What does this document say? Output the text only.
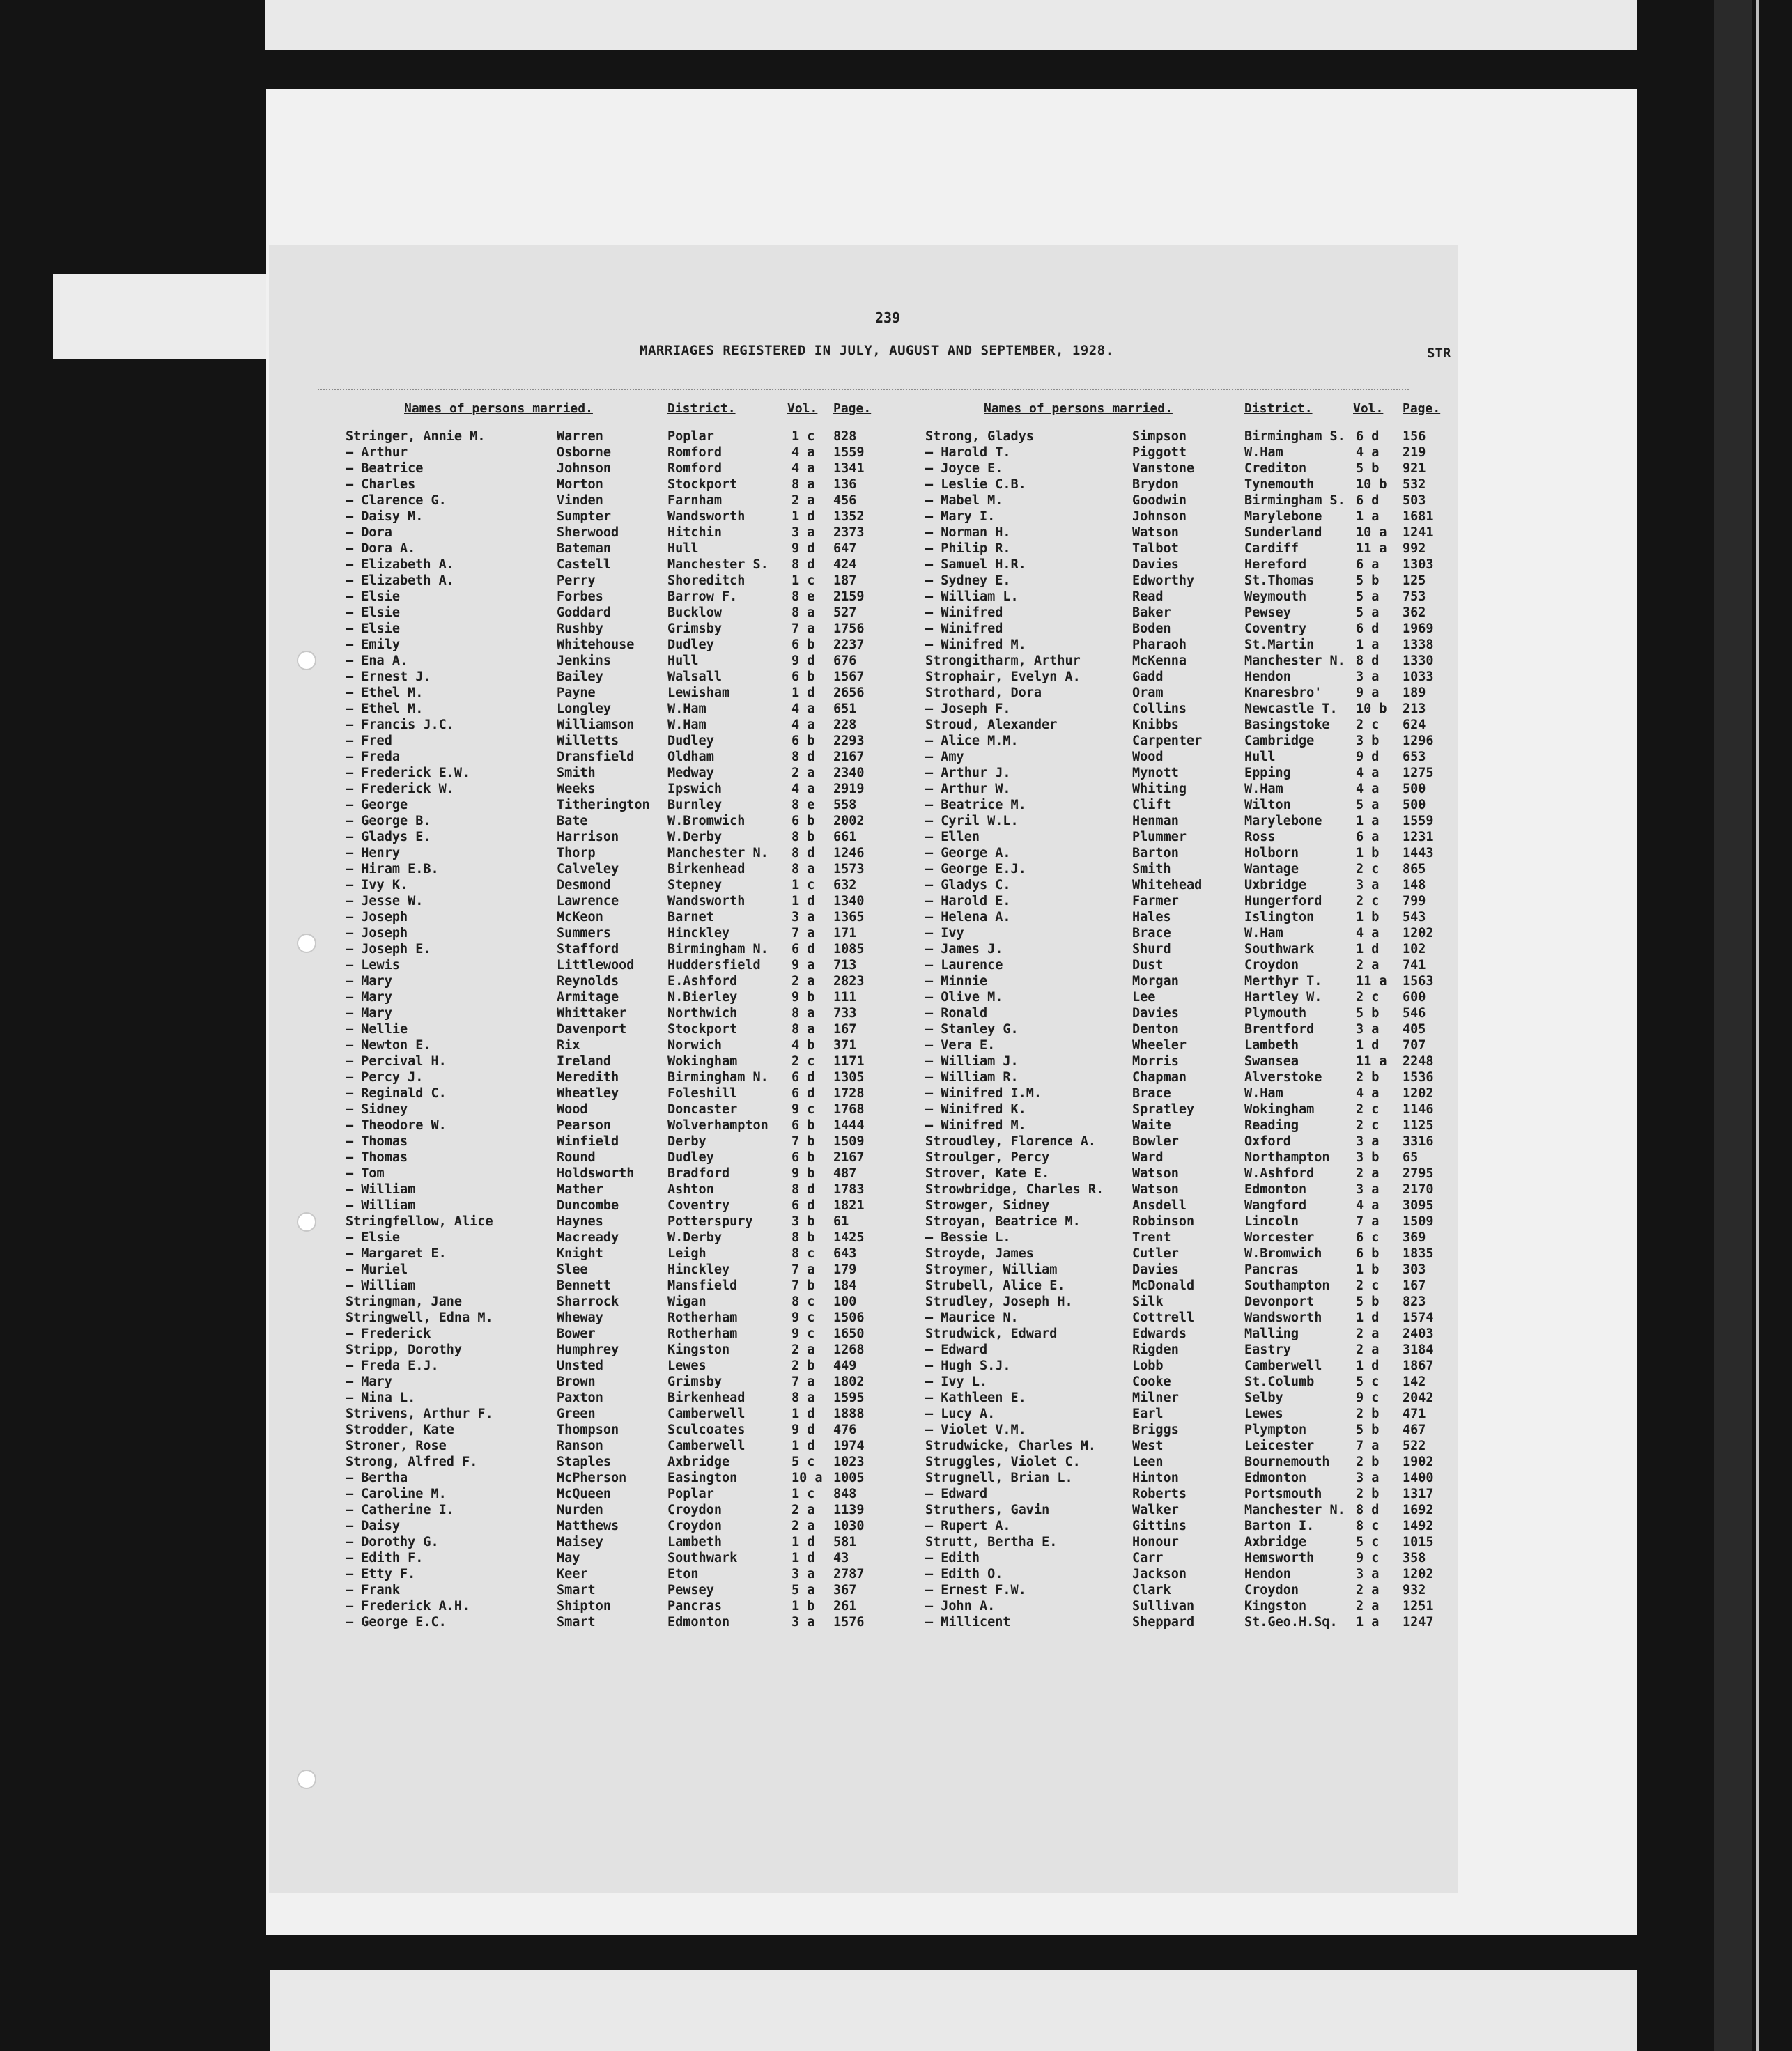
239
MARRIAGES REGISTERED IN JULY, AUGUST AND SEPTEMBER, 1928.	STR
Names of persons married.	District.	Vol. Page.
Stringer, Annie M.	Warren	Poplar	1 c 828
— Arthur	Osborne	Romford	4 a 1559
— Beatrice	Johnson	Romford	4 a 1341
— Charles	Morton	Stockport	8 a 136
— Clarence G.	Vinden	Farnham	2 a 456
— Daisy M.	Sumpter	Wandsworth	1 d 1352
— Dora	Sherwood	Hitchin	3 a 2373
— Dora A.	Bateman	Hull	9 d 647
— Elizabeth A.	Castell	Manchester S. 8 d 424
— Elizabeth A.	Perry	Shoreditch	1 c 187
— Elsie	Forbes	Barrow F.	8 e 2159
— Elsie	Goddard	Bucklow	8 a 527
— Elsie	Rushby	Grimsby	7 a 1756
— Emily	Whitehouse	Dudley	6 b 2237
— Ena A.	Jenkins	Hull	9 d 676
— Ernest J.	Bailey	Walsall	6 b 1567
— Ethel M.	Payne	Lewisham	1 d 2656
— Ethel M.	Longley	W.Ham	4 a 651
— Francis J.C.	Williamson	W.Ham	4 a 228
— Fred	Willetts	Dudley	6 b 2293
— Freda	Dransfield	Oldham	8 d 2167
— Frederick E.W.	Smith	Medway	2 a 2340
— Frederick W.	Weeks	Ipswich	4 a 2919
— George	Titherington Burnley	8 e 558
— George B.	Bate	W.Bromwich	6 b 2002
— Gladys E.	Harrison	W.Derby	8 b 661
— Henry	Thorp	Manchester N. 8 d 1246
— Hiram E.B.	Calveley	Birkenhead	8 a 1573
— Ivy K.	Desmond	Stepney	1 c 632
— Jesse W.	Lawrence	Wandsworth	1 d 1340
— Joseph	McKeon	Barnet	3 a 1365
— Joseph	Summers	Hinckley	7 a 171
— Joseph E.	Stafford	Birmingham N. 6 d 1085
— Lewis	Littlewood	Huddersfield 9 a 713
— Mary	Reynolds	E.Ashford	2 a 2823
— Mary	Armitage	N.Bierley	9 b 111
— Mary	Whittaker	Northwich	8 a 733
— Nellie	Davenport	Stockport	8 a 167
— Newton E.	Rix	Norwich	4 b 371
— Percival H.	Ireland	Wokingham	2 c 1171
— Percy J.	Meredith	Birmingham N. 6 d 1305
— Reginald C.	Wheatley	Foleshill	6 d 1728
— Sidney	Wood	Doncaster	9 c 1768
— Theodore W.	Pearson	Wolverhampton 6 b 1444
— Thomas	Winfield	Derby	7 b 1509
— Thomas	Round	Dudley	6 b 2167
— Tom	Holdsworth	Bradford	9 b 487
— William	Mather	Ashton	8 d 1783
— William	Duncombe	Coventry	6 d 1821
Stringfellow, Alice	Haynes	Potterspury	3 b 61
— Elsie	Macready	W.Derby	8 b 1425
— Margaret E.	Knight	Leigh	8 c 643
— Muriel	Slee	Hinckley	7 a 179
— William	Bennett	Mansfield	7 b 184
Stringman, Jane	Sharrock	Wigan	8 c 100
Stringwell, Edna M.	Wheway	Rotherham	9 c 1506
— Frederick	Bower	Rotherham	9 c 1650
Stripp, Dorothy	Humphrey	Kingston	2 a 1268
— Freda E.J.	Unsted	Lewes	2 b 449
— Mary	Brown	Grimsby	7 a 1802
— Nina L.	Paxton	Birkenhead	8 a 1595
Strivens, Arthur F.	Green	Camberwell	1 d 1888
Strodder, Kate	Thompson	Sculcoates	9 d 476
Stroner, Rose	Ranson	Camberwell	1 d 1974
Strong, Alfred F.	Staples	Axbridge	5 c 1023
— Bertha	McPherson	Easington	10 a 1005
— Caroline M.	McQueen	Poplar	1 c 848
— Catherine I.	Nurden	Croydon	2 a 1139
— Daisy	Matthews	Croydon	2 a 1030
— Dorothy G.	Maisey	Lambeth	1 d 581
— Edith F.	May	Southwark	1 d 43
— Etty F.	Keer	Eton	3 a 2787
— Frank	Smart	Pewsey	5 a 367
— Frederick A.H.	Shipton	Pancras	1 b 261
— George E.C.	Smart	Edmonton	3 a 1576
Names of persons married.	District.	Vol. Page.
Strong, Gladys	Simpson	Birmingham S. 6 d 156
— Harold T.	Piggott	W.Ham	4 a 219
— Joyce E.	Vanstone	Crediton	5 b 921
— Leslie C.B.	Brydon	Tynemouth	10 b 532
— Mabel M.	Goodwin	Birmingham S. 6 d 503
— Mary I.	Johnson	Marylebone	1 a 1681
— Norman H.	Watson	Sunderland	10 a 1241
— Philip R.	Talbot	Cardiff	11 a 992
— Samuel H.R.	Davies	Hereford	6 a 1303
— Sydney E.	Edworthy	St.Thomas	5 b 125
— William L.	Read	Weymouth	5 a 753
— Winifred	Baker	Pewsey	5 a 362
— Winifred	Boden	Coventry	6 d 1969
— Winifred M.	Pharaoh	St.Martin	1 a 1338
Strongitharm, Arthur	McKenna	Manchester N. 8 d 1330
Strophair, Evelyn A.	Gadd	Hendon	3 a 1033
Strothard, Dora	Oram	Knaresbro'	9 a 189
— Joseph F.	Collins	Newcastle T. 10 b 213
Stroud, Alexander	Knibbs	Basingstoke 2 c 624
— Alice M.M.	Carpenter	Cambridge	3 b 1296
— Amy	Wood	Hull	9 d 653
— Arthur J.	Mynott	Epping	4 a 1275
— Arthur W.	Whiting	W.Ham	4 a 500
— Beatrice M.	Clift	Wilton	5 a 500
— Cyril W.L.	Henman	Marylebone	1 a 1559
— Ellen	Plummer	Ross	6 a 1231
— George A.	Barton	Holborn	1 b 1443
— George E.J.	Smith	Wantage	2 c 865
— Gladys C.	Whitehead	Uxbridge	3 a 148
— Harold E.	Farmer	Hungerford	2 c 799
— Helena A.	Hales	Islington	1 b 543
— Ivy	Brace	W.Ham	4 a 1202
— James J.	Shurd	Southwark	1 d 102
— Laurence	Dust	Croydon	2 a 741
— Minnie	Morgan	Merthyr T.	11 a 1563
— Olive M.	Lee	Hartley W.	2 c 600
— Ronald	Davies	Plymouth	5 b 546
— Stanley G.	Denton	Brentford	3 a 405
— Vera E.	Wheeler	Lambeth	1 d 707
— William J.	Morris	Swansea	11 a 2248
— William R.	Chapman	Alverstoke	2 b 1536
— Winifred I.M.	Brace	W.Ham	4 a 1202
— Winifred K.	Spratley	Wokingham	2 c 1146
— Winifred M.	Waite	Reading	2 c 1125
Stroudley, Florence A.	Bowler	Oxford	3 a 3316
Stroulger, Percy	Ward	Northampton 3 b 65
Strover, Kate E.	Watson	W.Ashford	2 a 2795
Strowbridge, Charles R. Watson	Edmonton	3 a 2170
Strowger, Sidney	Ansdell	Wangford	4 a 3095
Stroyan, Beatrice M.	Robinson	Lincoln	7 a 1509
— Bessie L.	Trent	Worcester	6 c 369
Stroyde, James	Cutler	W.Bromwich	6 b 1835
Stroymer, William	Davies	Pancras	1 b 303
Strubell, Alice E.	McDonald	Southampton 2 c 167
Strudley, Joseph H.	Silk	Devonport	5 b 823
— Maurice N.	Cottrell	Wandsworth	1 d 1574
Strudwick, Edward	Edwards	Malling	2 a 2403
— Edward	Rigden	Eastry	2 a 3184
— Hugh S.J.	Lobb	Camberwell	1 d 1867
— Ivy L.	Cooke	St.Columb	5 c 142
— Kathleen E.	Milner	Selby	9 c 2042
— Lucy A.	Earl	Lewes	2 b 471
— Violet V.M.	Briggs	Plympton	5 b 467
Strudwicke, Charles M.	West	Leicester	7 a 522
Struggles, Violet C.	Leen	Bournemouth 2 b 1902
Strugnell, Brian L.	Hinton	Edmonton	3 a 1400
— Edward	Roberts	Portsmouth	2 b 1317
Struthers, Gavin	Walker	Manchester N. 8 d 1692
— Rupert A.	Gittins	Barton I.	8 c 1492
Strutt, Bertha E.	Honour	Axbridge	5 c 1015
— Edith	Carr	Hemsworth	9 c 358
— Edith O.	Jackson	Hendon	3 a 1202
— Ernest F.W.	Clark	Croydon	2 a 932
— John A.	Sullivan	Kingston	2 a 1251
— Millicent	Sheppard	St.Geo.H.Sq. 1 a 1247
